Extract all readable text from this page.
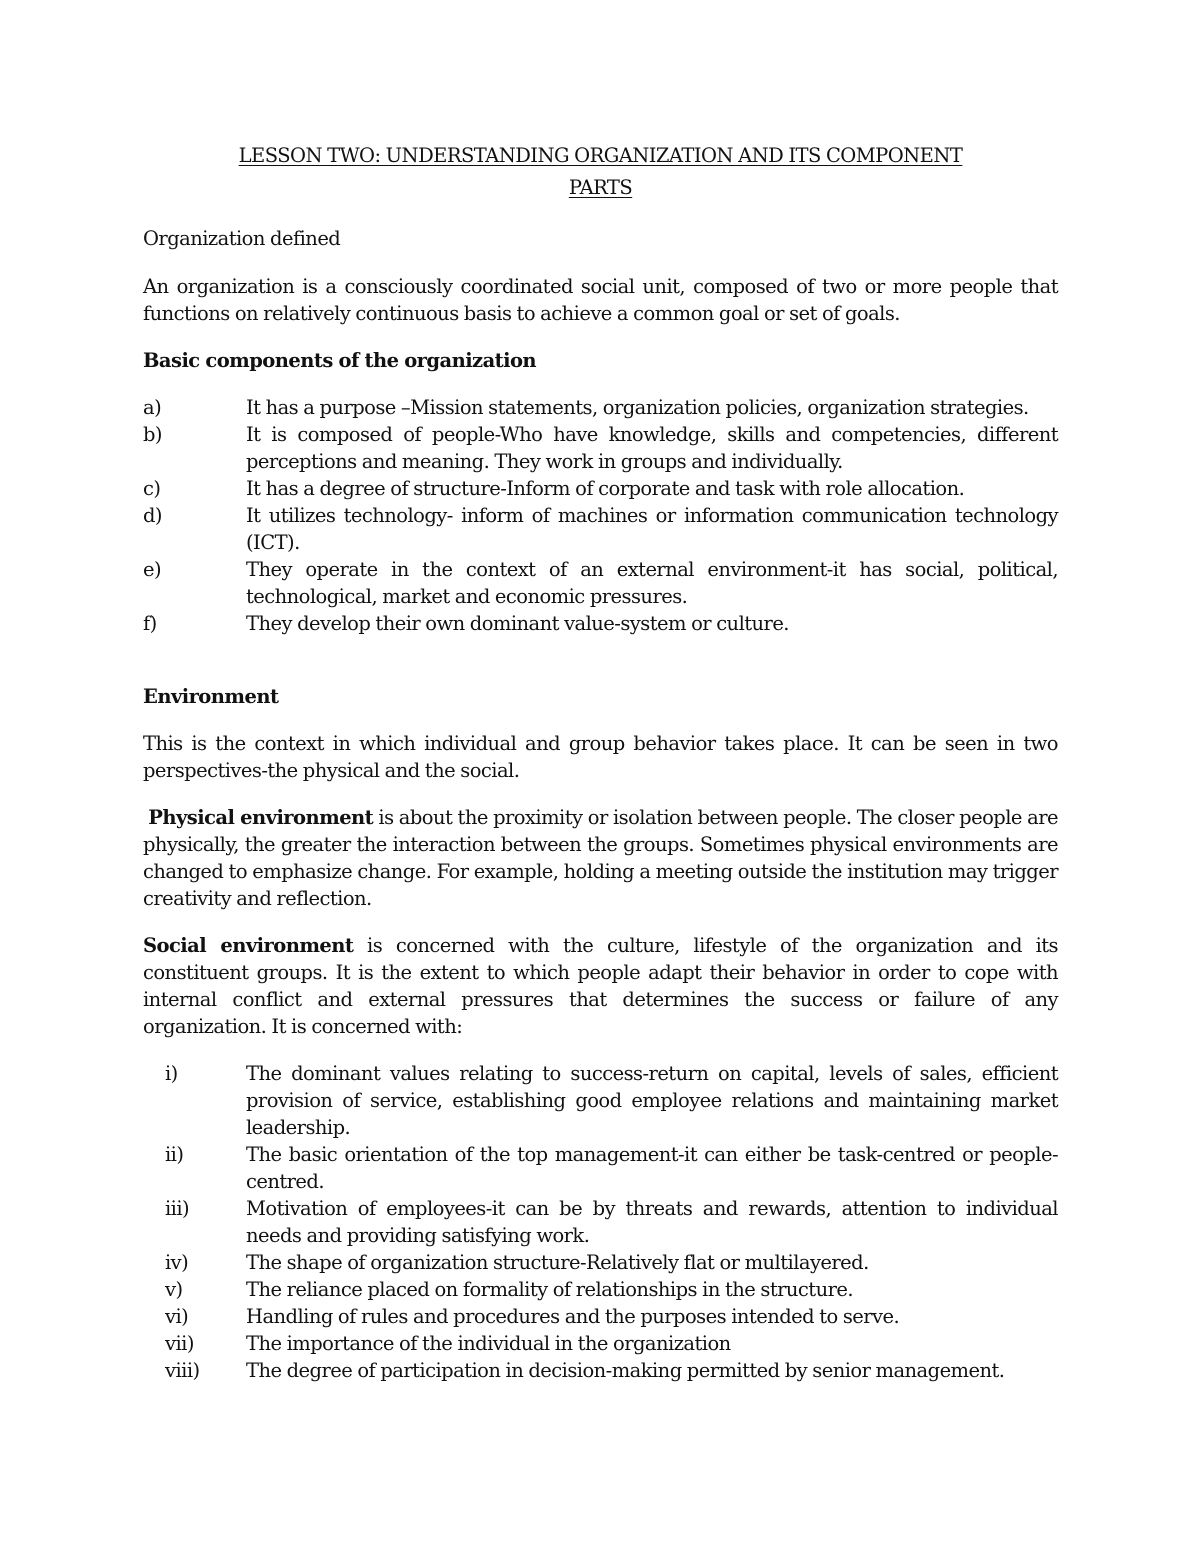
LESSON TWO: UNDERSTANDING ORGANIZATION AND ITS COMPONENT
PARTS

Organization defined

An organization is a consciously coordinated social unit, composed of two or more people that functions on relatively continuous basis to achieve a common goal or set of goals.

Basic components of the organization

a)	It has a purpose –Mission statements, organization policies, organization strategies.
b)	It is composed of people-Who have knowledge, skills and competencies, different perceptions and meaning. They work in groups and individually.
c)	It has a degree of structure-Inform of corporate and task with role allocation.
d)	It utilizes technology- inform of machines or information communication technology (ICT).
e)	They operate in the context of an external environment-it has social, political, technological, market and economic pressures.
f)	They develop their own dominant value-system or culture.

Environment

This is the context in which individual and group behavior takes place. It can be seen in two perspectives-the physical and the social.

Physical environment is about the proximity or isolation between people. The closer people are physically, the greater the interaction between the groups. Sometimes physical environments are changed to emphasize change. For example, holding a meeting outside the institution may trigger creativity and reflection.

Social environment is concerned with the culture, lifestyle of the organization and its constituent groups. It is the extent to which people adapt their behavior in order to cope with internal conflict and external pressures that determines the success or failure of any organization. It is concerned with:

i)	The dominant values relating to success-return on capital, levels of sales, efficient provision of service, establishing good employee relations and maintaining market leadership.
ii)	The basic orientation of the top management-it can either be task-centred or people-centred.
iii)	Motivation of employees-it can be by threats and rewards, attention to individual needs and providing satisfying work.
iv)	The shape of organization structure-Relatively flat or multilayered.
v)	The reliance placed on formality of relationships in the structure.
vi)	Handling of rules and procedures and the purposes intended to serve.
vii)	The importance of the individual in the organization
viii)	The degree of participation in decision-making permitted by senior management.
